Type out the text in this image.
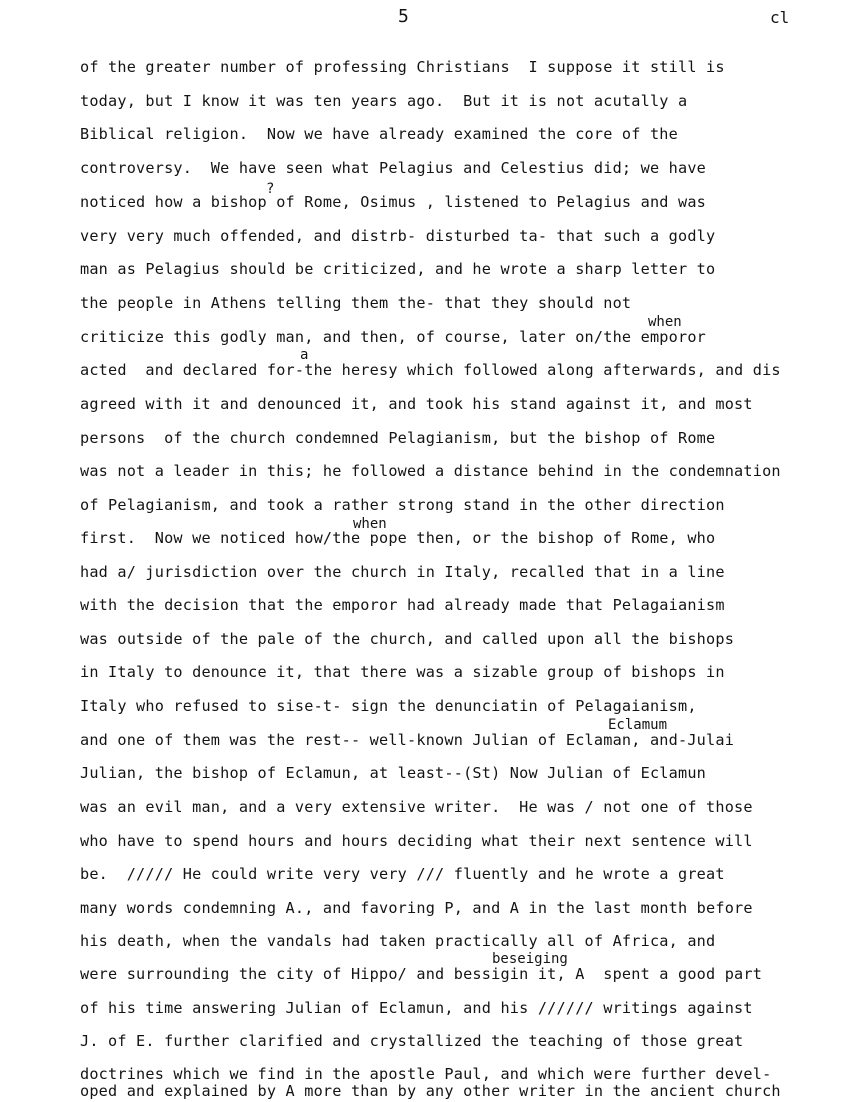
5	cl
of the greater number of professing Christians  I suppose it still is
today, but I know it was ten years ago.  But it is not acutally a
Biblical religion.  Now we have already examined the core of the
controversy.  We have seen what Pelagius and Celestius did; we have
noticed how a bishop of Rome, Osimus , listened to Pelagius and was
very very much offended, and distrb- disturbed ta- that such a godly
man as Pelagius should be criticized, and he wrote a sharp letter to
the people in Athens telling them the- that they should not
criticize this godly man, and then, of course, later on/the emporor
acted  and declared for-the heresy which followed along afterwards, and dis
agreed with it and denounced it, and took his stand against it, and most
persons  of the church condemned Pelagianism, but the bishop of Rome
was not a leader in this; he followed a distance behind in the condemnation
of Pelagianism, and took a rather strong stand in the other direction
first.  Now we noticed how/the pope then, or the bishop of Rome, who
had a/ jurisdiction over the church in Italy, recalled that in a line
with the decision that the emporor had already made that Pelagaianism
was outside of the pale of the church, and called upon all the bishops
in Italy to denounce it, that there was a sizable group of bishops in
Italy who refused to sise-t- sign the denunciatin of Pelagaianism,
and one of them was the rest-- well-known Julian of Eclaman, and-Julai
Julian, the bishop of Eclamun, at least--(St) Now Julian of Eclamun
was an evil man, and a very extensive writer.  He was / not one of those
who have to spend hours and hours deciding what their next sentence will
be.  ///// He could write very very /// fluently and he wrote a great
many words condemning A., and favoring P, and A in the last month before
his death, when the vandals had taken practically all of Africa, and
were surrounding the city of Hippo/ and bessigin it, A  spent a good part
of his time answering Julian of Eclamun, and his ////// writings against
J. of E. further clarified and crystallized the teaching of those great
doctrines which we find in the apostle Paul, and which were further devel-
oped and explained by A more than by any other writer in the ancient church
?
when
a
when
Eclamum
beseiging
